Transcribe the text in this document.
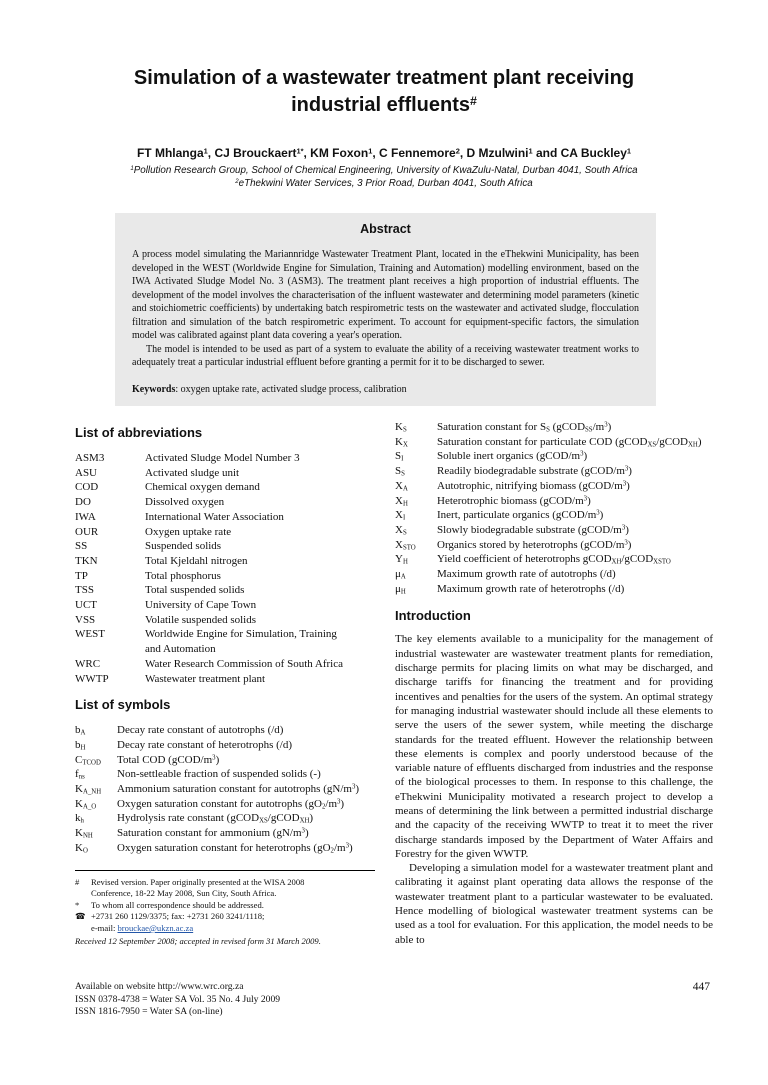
Simulation of a wastewater treatment plant receiving
industrial effluents#
FT Mhlanga$^1$, CJ Brouckaert$^{1*}$, KM Foxon$^1$, C Fennemore$^2$, D Mzulwini$^1$ and CA Buckley$^1$
$^1$Pollution Research Group, School of Chemical Engineering, University of KwaZulu-Natal, Durban 4041, South Africa
$^2$eThekwini Water Services, 3 Prior Road, Durban 4041, South Africa
Abstract

A process model simulating the Mariannridge Wastewater Treatment Plant, located in the eThekwini Municipality, has been developed in the WEST (Worldwide Engine for Simulation, Training and Automation) modelling environment, based on the IWA Activated Sludge Model No. 3 (ASM3). The treatment plant receives a high proportion of industrial effluents. The development of the model involves the characterisation of the influent wastewater and determining model parameters (kinetic and stoichiometric coefficients) by undertaking batch respirometric tests on the wastewater and activated sludge, flocculation filtration and simulation of the batch respirometric experiment. To account for equipment-specific factors, the simulation model was calibrated against plant data covering a year's operation.

The model is intended to be used as part of a system to evaluate the ability of a receiving wastewater treatment works to adequately treat a particular industrial effluent before granting a permit for it to be discharged to sewer.

Keywords: oxygen uptake rate, activated sludge process, calibration

List of abbreviations
ASM3	Activated Sludge Model Number 3
ASU	Activated sludge unit
COD	Chemical oxygen demand
DO	Dissolved oxygen
IWA	International Water Association
OUR	Oxygen uptake rate
SS	Suspended solids
TKN	Total Kjeldahl nitrogen
TP	Total phosphorus
TSS	Total suspended solids
UCT	University of Cape Town
VSS	Volatile suspended solids
WEST	Worldwide Engine for Simulation, Training
and Automation
WRC	Water Research Commission of South Africa
WWTP	Wastewater treatment plant
List of symbols
$b_A$	Decay rate constant of autotrophs (/d)
$b_H$	Decay rate constant of heterotrophs (/d)
$C_{TCOD}$	Total COD $(gCOD/m^3)$
$f_{ns}$	Non-settleable fraction of suspended solids (-)
$K_{A\_NH}$	Ammonium saturation constant for autotrophs $(gN/m^3)$
$K_{A\_O}$	Oxygen saturation constant for autotrophs $(gO_2/m^3)$
$k_h$	Hydrolysis rate constant (gCOD$_{XS}$/gCOD$_{XH}$)
$K_{NH}$	Saturation constant for ammonium $(gN/m^3)$
$K_O$	Oxygen saturation constant for heterotrophs $(gO_2/m^3)$
#	Revised version. Paper originally presented at the WISA 2008 Conference, 18-22 May 2008, Sun City, South Africa.
*	To whom all correspondence should be addressed.
☎ +2731 260 1129/3375; fax: +2731 260 3241/1118;
e-mail: brouckae@ukzn.ac.za
Received 12 September 2008; accepted in revised form 31 March 2009.
$K_S$	Saturation constant for $S_S$ $(gCOD_{SS}/m^3)$
$K_X$	Saturation constant for particulate COD (gCOD$_{XS}$/gCOD$_{XH}$)
$S_I$	Soluble inert organics $(gCOD/m^3)$
$S_S$	Readily biodegradable substrate $(gCOD/m^3)$
$X_A$	Autotrophic, nitrifying biomass $(gCOD/m^3)$
$X_H$	Heterotrophic biomass $(gCOD/m^3)$
$X_I$	Inert, particulate organics $(gCOD/m^3)$
$X_S$	Slowly biodegradable substrate $(gCOD/m^3)$
$X_{STO}$	Organics stored by heterotrophs $(gCOD/m^3)$
$Y_H$	Yield coefficient of heterotrophs gCOD$_{XH}$/gCOD$_{XSTO}$
$\mu_A$	Maximum growth rate of autotrophs (/d)
$\mu_H$	Maximum growth rate of heterotrophs (/d)
Introduction

The key elements available to a municipality for the management of industrial wastewater are wastewater treatment plants for remediation, discharge permits for placing limits on what may be discharged, and discharge tariffs for financing the treatment and for providing incentives and penalties for the users of the system. An optimal strategy for managing industrial wastewater should include all these elements to serve the users of the sewer system, while meeting the discharge standards for the treated effluent. However the relationship between these elements is complex and poorly understood because of the variable nature of effluents discharged from industries and the response of the biological processes to them. In response to this challenge, the eThekwini Municipality motivated a research project to develop a means of determining the link between a permitted industrial discharge and the capacity of the receiving WWTP to treat it to meet the river discharge standards imposed by the Department of Water Affairs and Forestry for the given WWTP.

Developing a simulation model for a wastewater treatment plant and calibrating it against plant operating data allows the response of the wastewater treatment plant to a particular wastewater to be evaluated. Hence modelling of biological wastewater treatment systems can be used as a tool for evaluation. For this application, the model needs to be able to

Available on website http://www.wrc.org.za
ISSN 0378-4738 = Water SA Vol. 35 No. 4 July 2009
ISSN 1816-7950 = Water SA (on-line)
447
